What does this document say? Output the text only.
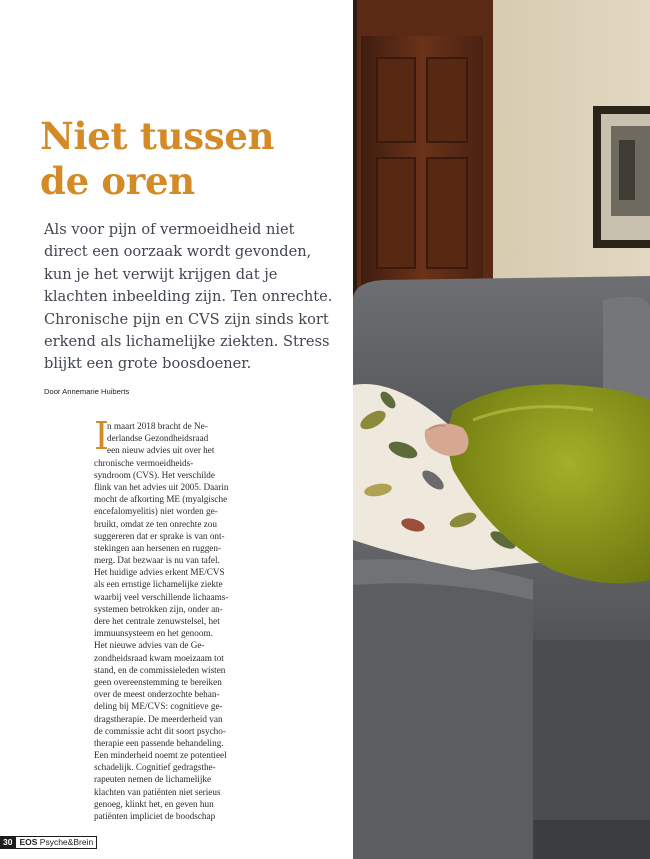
Niet tussen
de oren
Als voor pijn of vermoeidheid niet
direct een oorzaak wordt gevonden,
kun je het verwijt krijgen dat je
klachten inbeelding zijn. Ten onrechte.
Chronische pijn en CVS zijn sinds kort
erkend als lichamelijke ziekten. Stress
blijkt een grote boosdoener.
Door Annemarie Huiberts
I
n maart 2018 bracht de Ne-
derlandse Gezondheidsraad
een nieuw advies uit over het
chronische vermoeidheids-
syndroom (CVS). Het verschilde
flink van het advies uit 2005. Daarin
mocht de afkorting ME (myalgische
encefalomyelitis) niet worden ge-
bruikt, omdat ze ten onrechte zou
suggereren dat er sprake is van ont-
stekingen aan hersenen en ruggen-
merg. Dat bezwaar is nu van tafel.
Het huidige advies erkent ME/CVS
als een ernstige lichamelijke ziekte
waarbij veel verschillende lichaams-
systemen betrokken zijn, onder an-
dere het centrale zenuwstelsel, het
immuunsysteem en het genoom.
Het nieuwe advies van de Ge-
zondheidsraad kwam moeizaam tot
stand, en de commissieleden wisten
geen overeenstemming te bereiken
over de meest onderzochte behan-
deling bij ME/CVS: cognitieve ge-
dragstherapie. De meerderheid van
de commissie acht dit soort psycho-
therapie een passende behandeling.
Een minderheid noemt ze potentieel
schadelijk. Cognitief gedragsthe-
rapeuten nemen de lichamelijke
klachten van patiënten niet serieus
genoeg, klinkt het, en geven hun
patiënten impliciet de boodschap
30 EOS Psyche&Brein
